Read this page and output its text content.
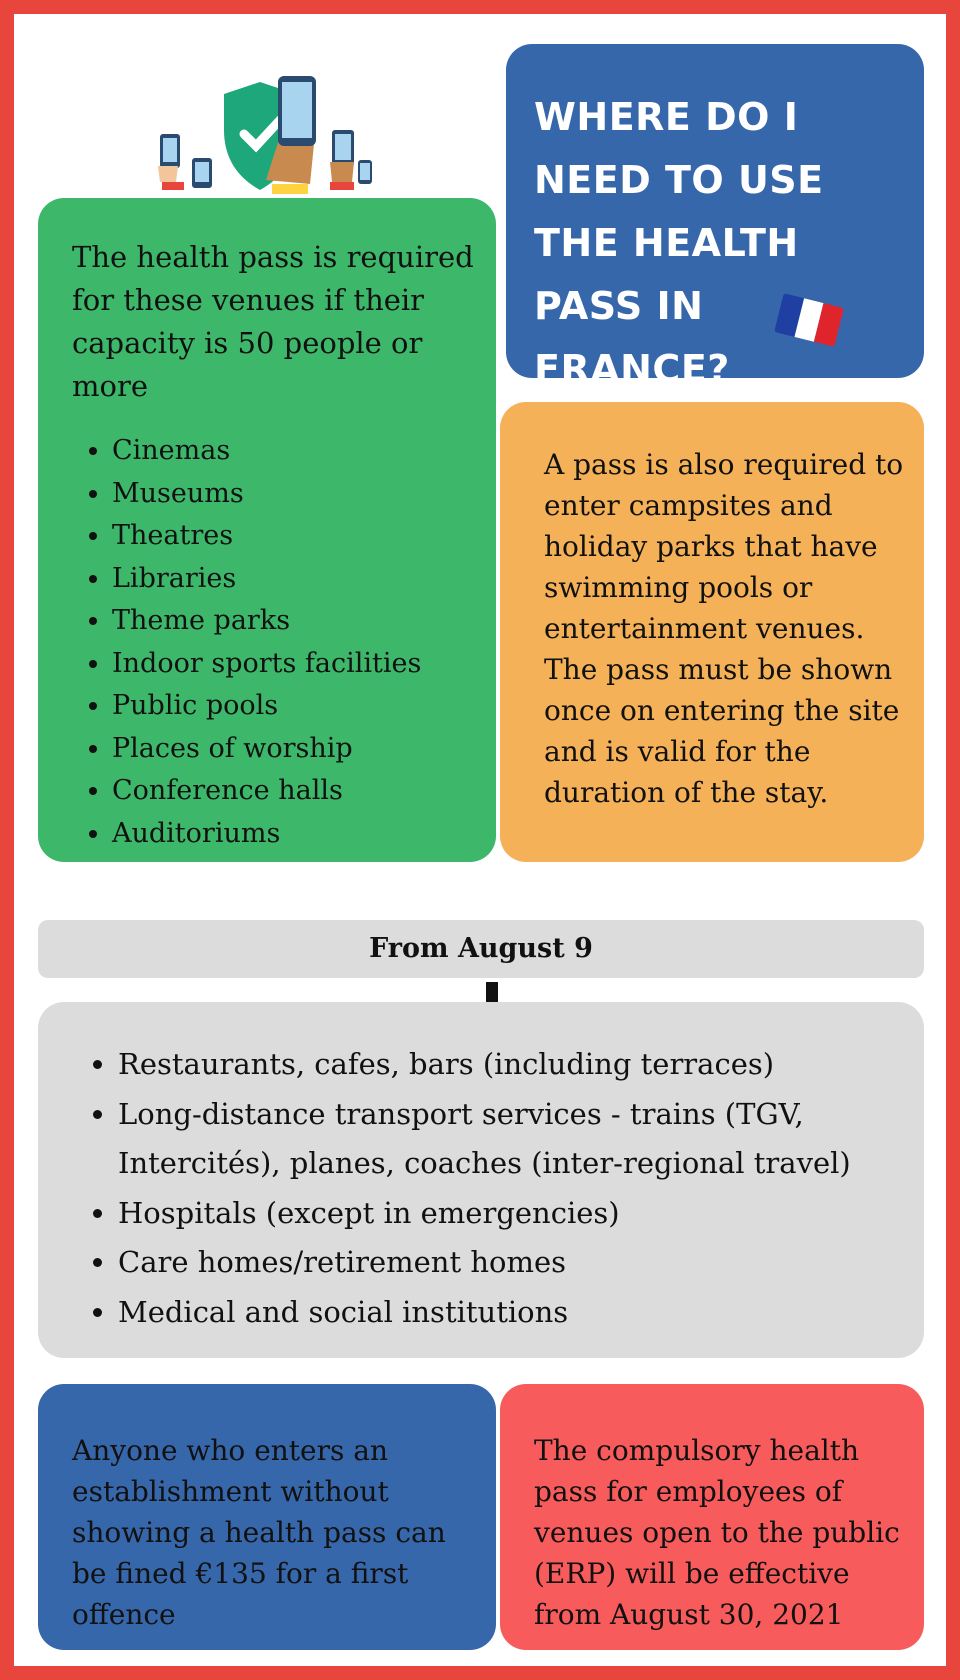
The health pass is required for these venues if their capacity is 50 people or more
• Cinemas
• Museums
• Theatres
• Libraries
• Theme parks
• Indoor sports facilities
• Public pools
• Places of worship
• Conference halls
• Auditoriums
WHERE DO I NEED TO USE THE HEALTH PASS IN FRANCE?
A pass is also required to enter campsites and holiday parks that have swimming pools or entertainment venues. The pass must be shown once on entering the site and is valid for the duration of the stay.
From August 9
• Restaurants, cafes, bars (including terraces)
• Long-distance transport services - trains (TGV, Intercités), planes, coaches (inter-regional travel)
• Hospitals (except in emergencies)
• Care homes/retirement homes
• Medical and social institutions
Anyone who enters an establishment without showing a health pass can be fined €135 for a first offence
The compulsory health pass for employees of venues open to the public (ERP) will be effective from August 30, 2021
